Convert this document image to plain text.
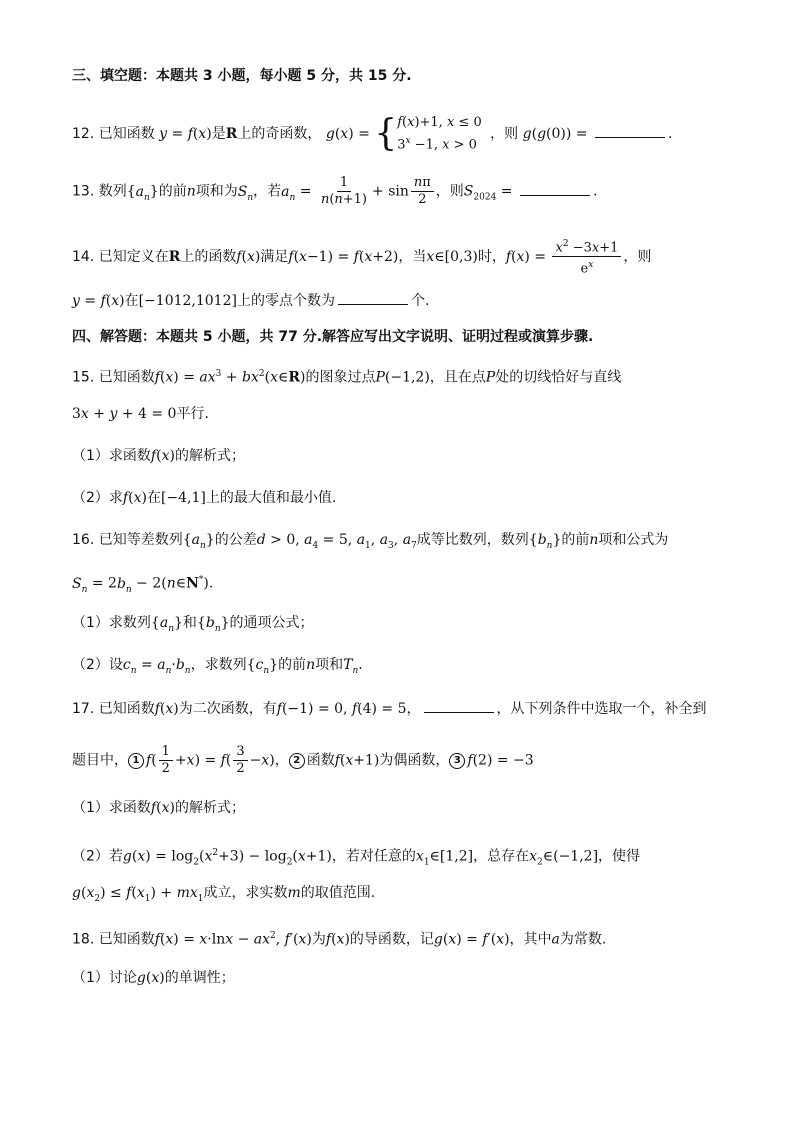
三、填空题：本题共 3 小题，每小题 5 分，共 15 分.
12. 已知函数 y = f(x)是R上的奇函数， g(x) = { f(x)+1, x ≤ 0
$3^x -1$, x > 0
，则 g(g(0)) =	.
13. 数列$\{a_n\}$的前n项和为$S_n$，若$a_n = \frac{1}{n(n+1)} + \sin \frac{n\pi}{2}$ ，则$S_{2024}$ =	.
14. 已知定义在R上的函数f(x)满足f(x−1) = f(x+2)，当x∈[0,3)时，$f(x) = \frac{x^2 -3x+1}{e^x}$ ，则
y = f(x)在[−1012,1012]上的零点个数为	个.
四、解答题：本题共 5 小题，共 77 分.解答应写出文字说明、证明过程或演算步骤.
15. 已知函数$f(x) = ax^3$ + $bx^2(x\in R)$的图象过点P(−1,2)，且在点P处的切线恰好与直线
3x + y + 4 = 0平行.
（1）求函数f(x)的解析式；
（2）求f(x)在[−4,1]上的最大值和最小值.
16. 已知等差数列$\{a_n\}$的公差d > 0, $a_4 = 5$, $a_1$, $a_3$, $a_7$成等比数列，数列$\{b_n\}$的前n项和公式为
$S_n = 2b_n$ − 2(n∈N*).
（1）求数列$\{a_n\}$和$\{b_n\}$的通项公式；
（2）设$c_n = a_n\cdot b_n$，求数列$\{c_n\}$的前n项和$T_n$.
17. 已知函数f(x)为二次函数，有f(−1) = 0, f(4) = 5，	，从下列条件中选取一个，补全到
题目中， 1 $f( \frac{1}{2} +x) = f( \frac{3}{2} -x)$， 2 函数f(x+1)为偶函数， 3 f(2) = −3
（1）求函数f(x)的解析式；
（2）若$g(x) = \log_2(x^2+3) - \log_2(x+1)$，若对任意的$x_1\in[1,2]$，总存在$x_2\in(-1,2]$，使得
$g(x_2) \le f(x_1) + mx_1$成立，求实数m的取值范围.
18. 已知函数$f(x) = x\cdot\ln x - ax^2$, f′(x)为f(x)的导函数，记g(x) = f′(x)，其中a为常数.
（1）讨论g(x)的单调性；
